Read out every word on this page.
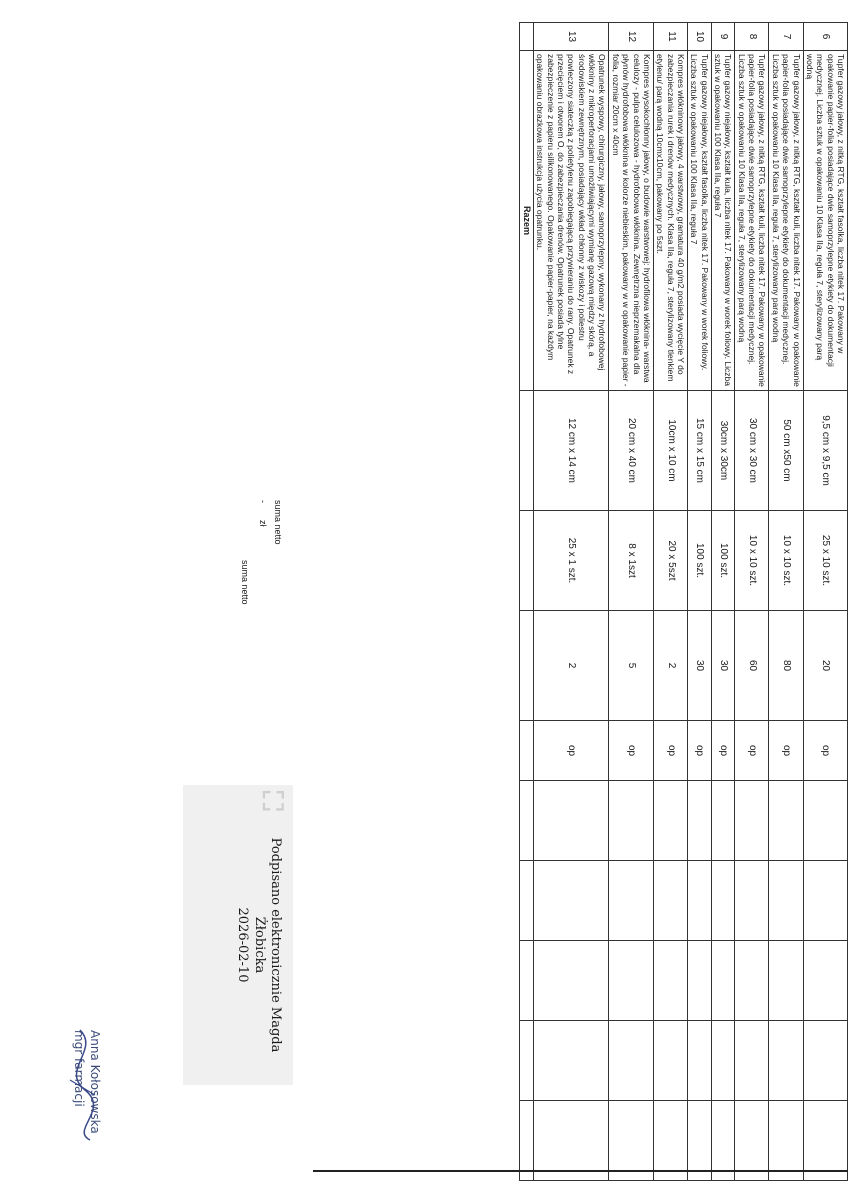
6	Tupfer gazowy jałowy, z nitką RTG, kształt fasolka, liczba nitek 17. Pakowany w opakowanie papier-folia posiadające dwie samoprzylepne etykiety do dokumentacji medycznej. Liczba sztuk w opakowaniu 10 Klasa IIa, reguła 7, sterylizowany parą wodną	9,5 cm x 9,5 cm	25 x 10 szt.	20	op					
7	Tupfer gazowy jałowy, z nitką RTG, kształt kuli, liczba nitek 17. Pakowany w opakowanie papier-folia posiadające dwie samoprzylepne etykiety do dokumentacji medycznej. Liczba sztuk w opakowaniu 10 Klasa IIa, reguła 7, sterylizowany parą wodną	50 cm x50 cm	10 x 10 szt.	80	op					
8	Tupfer gazowy jałowy, z nitką RTG, kształt kuli, liczba nitek 17. Pakowany w opakowanie papier-folia posiadające dwie samoprzylepne etykiety do dokumentacji medycznej. Liczba sztuk w opakowaniu 10 Klasa IIa, reguła 7, sterylizowany parą wodną	30 cm x 30 cm	10 x 10 szt.	60	op					
9	Tupfer gazowy niejałowy, kształt kula, liczba nitek 17. Pakowany w worek foliowy. Liczba sztuk w opakowaniu 100 Klasa IIa, reguła 7	30cm x 30cm	100 szt.	30	op					
10	Tupfer gazowy niejałowy, kształt fasolka, liczba nitek 17. Pakowany w worek foliowy. Liczba sztuk w opakowaniu 100 Klasa IIa, reguła 7	15 cm x 15 cm	100 szt.	30	op					
11	Kompres włókninowy jałowy, 4 warstwowy, gramatura 40 g/m2 posiada wycięcie Y do zabezpieczania rurek i drenów medycznych. Klasa IIa, reguła 7, sterylizowany tlenkiem etylenu/ parą wodną 10cmx10cm, pakowany po 5szt.	10cm x 10 cm	20 x 5szt	2	op					
12	Kompres wysokochłonny jałowy, o budowie warstwowej: hydrofilowa włóknina- warstwa celulozy - pulpa celulozowa - hydrofobowa włóknina. Zewnętrzna nieprzemakalna dla płynów hydrofobowa włóknina w kolorze niebieskim, pakowany w w opakowanie papier - folia, rozmiar 20cm x 40cm	20 cm x 40 cm	8 x 1szt	5	op					
13	Opatrunek wyspowy, chirurgiczny, jałowy, samoprzylepny, wykonany z hydrofobowej włókniny z mikroperforacjami umożliwiającymi wymianę gazową między skórą, a środowiskiem zewnętrznym, posiadający wkład chłonny z wiskozy i poliestru powleczony siateczką z polietylenu zapobiegającą przywieraniu do rany. Opatrunek z przecięciem i otworem O, do zabezpieczania drenów. Opatrunek posiada tylne zabezpieczenie z papieru silikonowanego. Opakowanie papier-papier, na każdym opakowaniu obrazkowa instrukcja użycia opatrunku.	12 cm x 14 cm	25 x 1 szt.	2	op					
	Razem									
suma netto
-
zł
⛶
Podpisano elektronicznie Magda
Żłobicka
2026-02-10
suma netto
Anna Kołosowska
mgr farmacji
